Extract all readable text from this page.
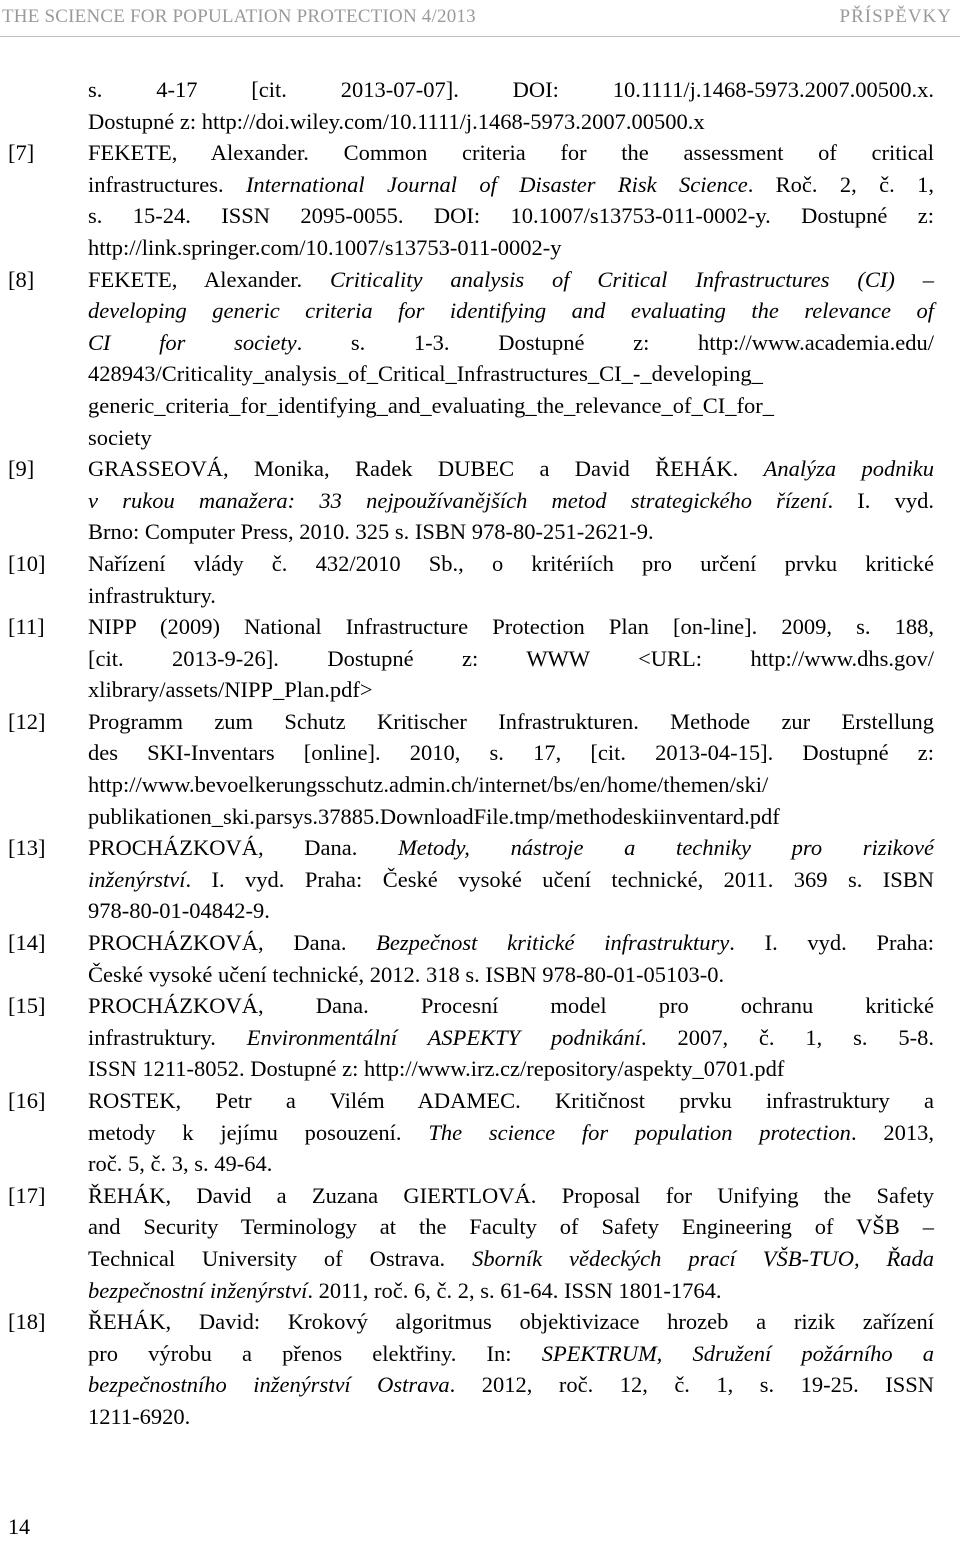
THE SCIENCE FOR POPULATION PROTECTION 4/2013	PŘÍSPĚVKY
s. 4-17 [cit. 2013-07-07]. DOI: 10.1111/j.1468-5973.2007.00500.x.
Dostupné z: http://doi.wiley.com/10.1111/j.1468-5973.2007.00500.x
[7] FEKETE, Alexander. Common criteria for the assessment of critical
infrastructures. International Journal of Disaster Risk Science. Roč. 2, č. 1,
s. 15-24. ISSN 2095-0055. DOI: 10.1007/s13753-011-0002-y. Dostupné z:
http://link.springer.com/10.1007/s13753-011-0002-y
[8] FEKETE, Alexander. Criticality analysis of Critical Infrastructures (CI) –
developing generic criteria for identifying and evaluating the relevance of
CI for society. s. 1-3. Dostupné z: http://www.academia.edu/
428943/Criticality_analysis_of_Critical_Infrastructures_CI_-_developing_
generic_criteria_for_identifying_and_evaluating_the_relevance_of_CI_for_
society
[9] GRASSEOVÁ, Monika, Radek DUBEC a David ŘEHÁK. Analýza podniku
v rukou manažera: 33 nejpoužívanějších metod strategického řízení. I. vyd.
Brno: Computer Press, 2010. 325 s. ISBN 978-80-251-2621-9.
[10] Nařízení vlády č. 432/2010 Sb., o kritériích pro určení prvku kritické
infrastruktury.
[11] NIPP (2009) National Infrastructure Protection Plan [on-line]. 2009, s. 188,
[cit. 2013-9-26]. Dostupné z: WWW <URL: http://www.dhs.gov/
xlibrary/assets/NIPP_Plan.pdf>
[12] Programm zum Schutz Kritischer Infrastrukturen. Methode zur Erstellung
des SKI-Inventars [online]. 2010, s. 17, [cit. 2013-04-15]. Dostupné z:
http://www.bevoelkerungsschutz.admin.ch/internet/bs/en/home/themen/ski/
publikationen_ski.parsys.37885.DownloadFile.tmp/methodeskiinventard.pdf
[13] PROCHÁZKOVÁ, Dana. Metody, nástroje a techniky pro rizikové
inženýrství. I. vyd. Praha: České vysoké učení technické, 2011. 369 s. ISBN
978-80-01-04842-9.
[14] PROCHÁZKOVÁ, Dana. Bezpečnost kritické infrastruktury. I. vyd. Praha:
České vysoké učení technické, 2012. 318 s. ISBN 978-80-01-05103-0.
[15] PROCHÁZKOVÁ, Dana. Procesní model pro ochranu kritické
infrastruktury. Environmentální ASPEKTY podnikání. 2007, č. 1, s. 5-8.
ISSN 1211-8052. Dostupné z: http://www.irz.cz/repository/aspekty_0701.pdf
[16] ROSTEK, Petr a Vilém ADAMEC. Kritičnost prvku infrastruktury a
metody k jejímu posouzení. The science for population protection. 2013,
roč. 5, č. 3, s. 49-64.
[17] ŘEHÁK, David a Zuzana GIERTLOVÁ. Proposal for Unifying the Safety
and Security Terminology at the Faculty of Safety Engineering of VŠB –
Technical University of Ostrava. Sborník vědeckých prací VŠB-TUO, Řada
bezpečnostní inženýrství. 2011, roč. 6, č. 2, s. 61-64. ISSN 1801-1764.
[18] ŘEHÁK, David: Krokový algoritmus objektivizace hrozeb a rizik zařízení
pro výrobu a přenos elektřiny. In: SPEKTRUM, Sdružení požárního a
bezpečnostního inženýrství Ostrava. 2012, roč. 12, č. 1, s. 19-25. ISSN
1211-6920.
14
